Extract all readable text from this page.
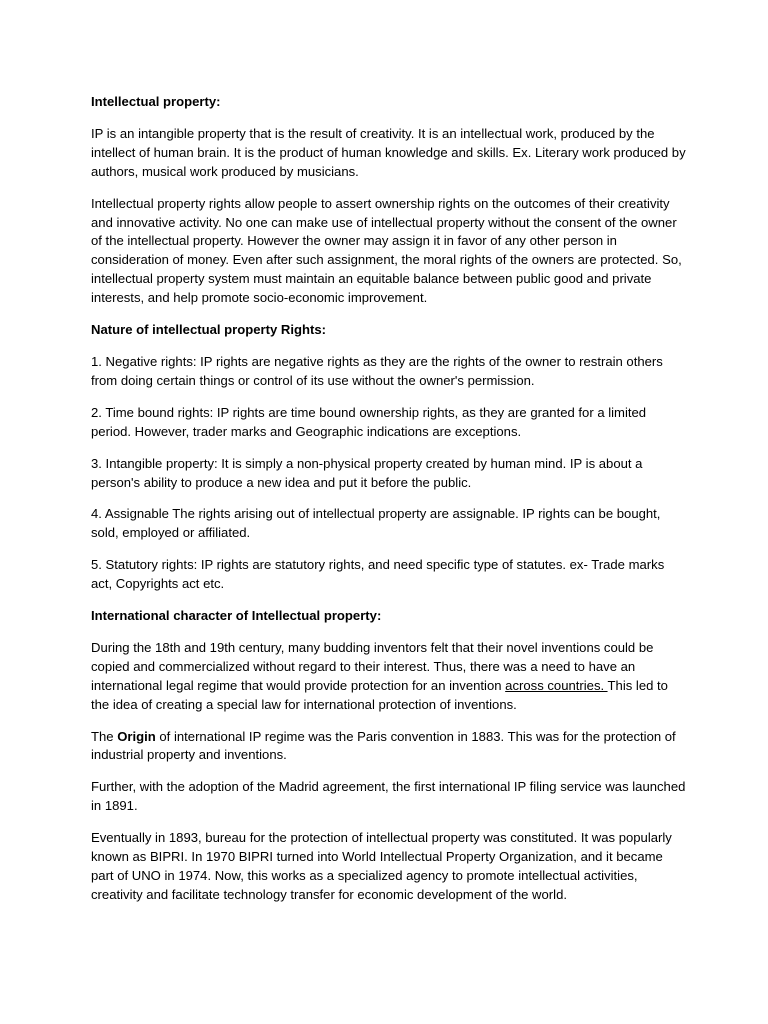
Intellectual property:

IP is an intangible property that is the result of creativity. It is an intellectual work, produced by the intellect of human brain. It is the product of human knowledge and skills. Ex. Literary work produced by authors, musical work produced by musicians.

Intellectual property rights allow people to assert ownership rights on the outcomes of their creativity and innovative activity. No one can make use of intellectual property without the consent of the owner of the intellectual property. However the owner may assign it in favor of any other person in consideration of money. Even after such assignment, the moral rights of the owners are protected. So, intellectual property system must maintain an equitable balance between public good and private interests, and help promote socio-economic improvement.

Nature of intellectual property Rights:

1. Negative rights: IP rights are negative rights as they are the rights of the owner to restrain others from doing certain things or control of its use without the owner's permission.

2. Time bound rights: IP rights are time bound ownership rights, as they are granted for a limited period. However, trader marks and Geographic indications are exceptions.

3. Intangible property: It is simply a non-physical property created by human mind. IP is about a person's ability to produce a new idea and put it before the public.

4. Assignable The rights arising out of intellectual property are assignable. IP rights can be bought, sold, employed or affiliated.

5. Statutory rights: IP rights are statutory rights, and need specific type of statutes. ex- Trade marks act, Copyrights act etc.

International character of Intellectual property:

During the 18th and 19th century, many budding inventors felt that their novel inventions could be copied and commercialized without regard to their interest. Thus, there was a need to have an international legal regime that would provide protection for an invention across countries. This led to the idea of creating a special law for international protection of inventions.

The Origin of international IP regime was the Paris convention in 1883. This was for the protection of industrial property and inventions.

Further, with the adoption of the Madrid agreement, the first international IP filing service was launched in 1891.

Eventually in 1893, bureau for the protection of intellectual property was constituted. It was popularly known as BIPRI. In 1970 BIPRI turned into World Intellectual Property Organization, and it became part of UNO in 1974. Now, this works as a specialized agency to promote intellectual activities, creativity and facilitate technology transfer for economic development of the world.
